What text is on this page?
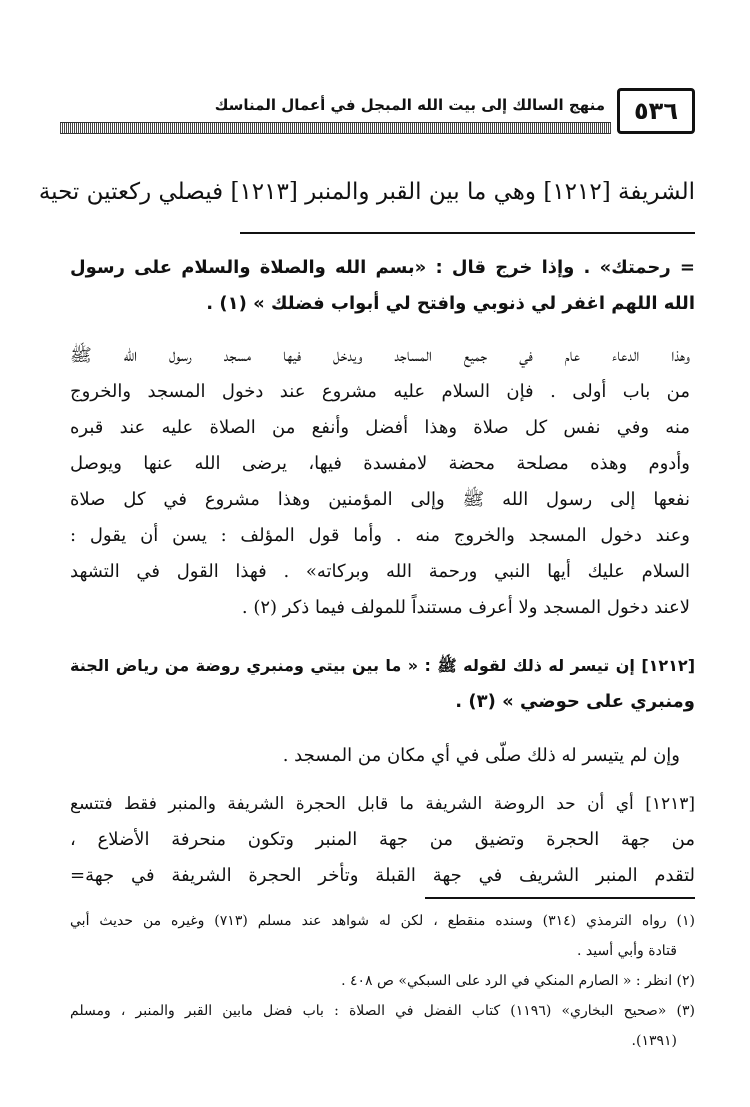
٥٣٦
منهج السالك إلى بيت الله المبجل في أعمال المناسك
الشريفة [١٢١٢] وهي ما بين القبر والمنبر [١٢١٣] فيصلي ركعتين تحية
= رحمتك» . وإذا خرج قال : «بسم الله والصلاة والسلام على رسول
الله اللهم اغفر لي ذنوبي وافتح لي أبواب فضلك » (١) .
وهذا الدعاء عام في جميع المساجد ويدخل فيها مسجد رسول الله ﷺ
من باب أولى . فإن السلام عليه مشروع عند دخول المسجد والخروج
منه وفي نفس كل صلاة وهذا أفضل وأنفع من الصلاة عليه عند قبره
وأدوم وهذه مصلحة محضة لامفسدة فيها، يرضى الله عنها ويوصل
نفعها إلى رسول الله ﷺ وإلى المؤمنين وهذا مشروع في كل صلاة
وعند دخول المسجد والخروج منه . وأما قول المؤلف : يسن أن يقول :
السلام عليك أيها النبي ورحمة الله وبركاته» . فهذا القول في التشهد
لاعند دخول المسجد ولا أعرف مستنداً للمولف فيما ذكر (٢) .
[١٢١٢] إن تيسر له ذلك لقوله ﷺ : « ما بين بيتي ومنبري روضة من رياض الجنة
ومنبري على حوضي » (٣) .
وإن لم يتيسر له ذلك صلّى في أي مكان من المسجد .
[١٢١٣] أي أن حد الروضة الشريفة ما قابل الحجرة الشريفة والمنبر فقط فتتسع
من جهة الحجرة وتضيق من جهة المنبر وتكون منحرفة الأضلاع ،
لتقدم المنبر الشريف في جهة القبلة وتأخر الحجرة الشريفة في جهة=
(١) رواه الترمذي (٣١٤) وسنده منقطع ، لكن له شواهد عند مسلم (٧١٣) وغيره من حديث أبي
قتادة وأبي أسيد .
(٢) انظر : « الصارم المنكي في الرد على السبكي» ص ٤٠٨ .
(٣) «صحيح البخاري» (١١٩٦) كتاب الفضل في الصلاة : باب فضل مابين القبر والمنبر ، ومسلم
(١٣٩١).
